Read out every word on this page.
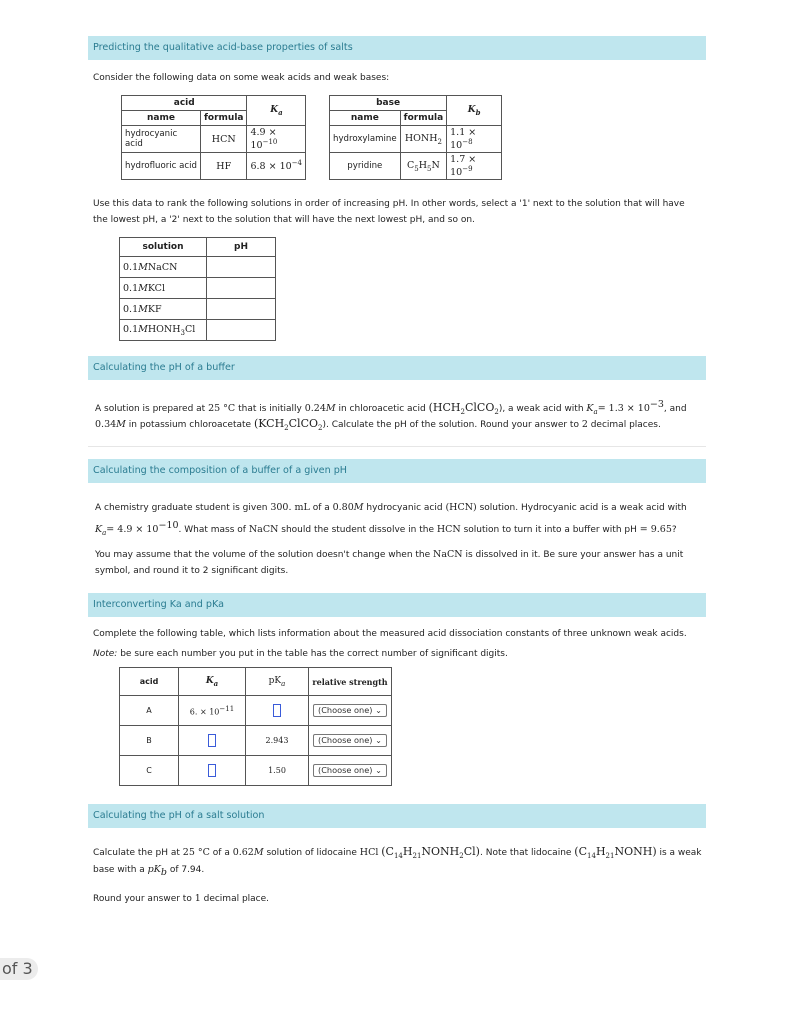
Predicting the qualitative acid-base properties of salts
Consider the following data on some weak acids and weak bases:
acid		$K_a$
name	formula	
hydrocyanic acid	HCN	$4.9 \times 10^{-10}$
hydrofluoric acid	HF	$6.8 \times 10^{-4}$
base		$K_b$
name	formula	
hydroxylamine	$HONH_2$	$1.1 \times 10^{-8}$
pyridine	$C_5H_5N$	$1.7 \times 10^{-9}$
Use this data to rank the following solutions in order of increasing pH. In other words, select a '1' next to the solution that will have
the lowest pH, a '2' next to the solution that will have the next lowest pH, and so on.
solution	pH
0.1MNaCN	
0.1MKCl	
0.1MKF	
$0.1MHONH_3Cl$	
Calculating the pH of a buffer
A solution is prepared at 25 °C that is initially 0.24M in chloroacetic acid $(HCH_2ClCO_2)$, a weak acid with $K_a= 1.3 \times 10^{-3}$, and
0.34M in potassium chloroacetate $(KCH_2ClCO_2)$. Calculate the pH of the solution. Round your answer to 2 decimal places.
Calculating the composition of a buffer of a given pH
A chemistry graduate student is given 300. mL of a 0.80M hydrocyanic acid (HCN) solution. Hydrocyanic acid is a weak acid with
$K_a= 4.9 \times 10^{-10}$. What mass of NaCN should the student dissolve in the HCN solution to turn it into a buffer with pH = 9.65?
You may assume that the volume of the solution doesn't change when the NaCN is dissolved in it. Be sure your answer has a unit
symbol, and round it to 2 significant digits.
Interconverting Ka and pKa
Complete the following table, which lists information about the measured acid dissociation constants of three unknown weak acids.
Note: be sure each number you put in the table has the correct number of significant digits.
acid	$K_a$	$pK_a$	relative strength
A	6. × $10^{-11}$		(Choose one) ⌄
B		2.943	(Choose one) ⌄
C		1.50	(Choose one) ⌄
Calculating the pH of a salt solution
Calculate the pH at 25 °C of a 0.62M solution of lidocaine HCl $(C_{14}H_{21}NONH_2Cl)$. Note that lidocaine $(C_{14}H_{21}NONH)$ is a weak
base with a $pK_b$ of 7.94.
Round your answer to 1 decimal place.
of 3
